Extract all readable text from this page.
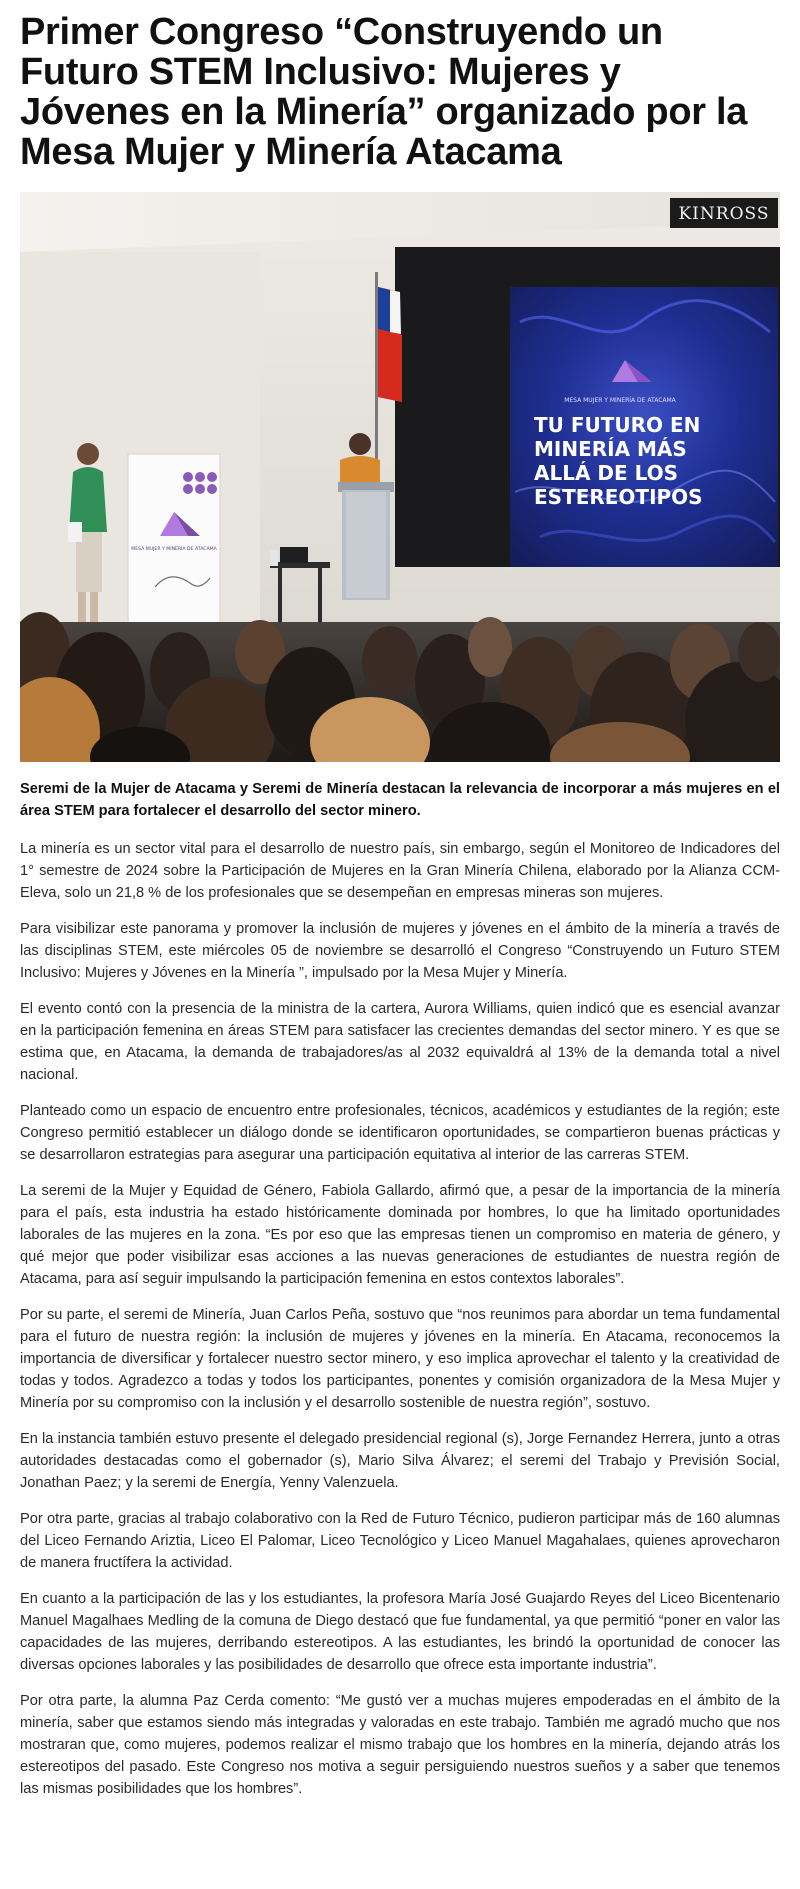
Primer Congreso “Construyendo un Futuro STEM Inclusivo: Mujeres y Jóvenes en la Minería” organizado por la Mesa Mujer y Minería Atacama
KINROSS
MESA MUJER Y MINERÍA DE ATACAMA
TU FUTURO EN
MINERÍA MÁS
ALLÁ DE LOS
ESTEREOTIPOS
MESA MUJER Y MINERÍA DE ATACAMA

Seremi de la Mujer de Atacama y Seremi de Minería destacan la relevancia de incorporar a más mujeres en el área STEM para fortalecer el desarrollo del sector minero.

La minería es un sector vital para el desarrollo de nuestro país, sin embargo, según el Monitoreo de Indicadores del 1° semestre de 2024 sobre la Participación de Mujeres en la Gran Minería Chilena, elaborado por la Alianza CCM-Eleva, solo un 21,8 % de los profesionales que se desempeñan en empresas mineras son mujeres.

Para visibilizar este panorama y promover la inclusión de mujeres y jóvenes en el ámbito de la minería a través de las disciplinas STEM, este miércoles 05 de noviembre se desarrolló el Congreso “Construyendo un Futuro STEM Inclusivo: Mujeres y Jóvenes en la Minería ”, impulsado por la Mesa Mujer y Minería.

El evento contó con la presencia de la ministra de la cartera, Aurora Williams, quien indicó que es esencial avanzar en la participación femenina en áreas STEM para satisfacer las crecientes demandas del sector minero. Y es que se estima que, en Atacama, la demanda de trabajadores/as al 2032 equivaldrá al 13% de la demanda total a nivel nacional.

Planteado como un espacio de encuentro entre profesionales, técnicos, académicos y estudiantes de la región; este Congreso permitió establecer un diálogo donde se identificaron oportunidades, se compartieron buenas prácticas y se desarrollaron estrategias para asegurar una participación equitativa al interior de las carreras STEM.

La seremi de la Mujer y Equidad de Género, Fabiola Gallardo, afirmó que, a pesar de la importancia de la minería para el país, esta industria ha estado históricamente dominada por hombres, lo que ha limitado oportunidades laborales de las mujeres en la zona. “Es por eso que las empresas tienen un compromiso en materia de género, y qué mejor que poder visibilizar esas acciones a las nuevas generaciones de estudiantes de nuestra región de Atacama, para así seguir impulsando la participación femenina en estos contextos laborales”.

Por su parte, el seremi de Minería, Juan Carlos Peña, sostuvo que “nos reunimos para abordar un tema fundamental para el futuro de nuestra región: la inclusión de mujeres y jóvenes en la minería. En Atacama, reconocemos la importancia de diversificar y fortalecer nuestro sector minero, y eso implica aprovechar el talento y la creatividad de todas y todos. Agradezco a todas y todos los participantes, ponentes y comisión organizadora de la Mesa Mujer y Minería por su compromiso con la inclusión y el desarrollo sostenible de nuestra región”, sostuvo.

En la instancia también estuvo presente el delegado presidencial regional (s), Jorge Fernandez Herrera, junto a otras autoridades destacadas como el gobernador (s), Mario Silva Álvarez; el seremi del Trabajo y Previsión Social, Jonathan Paez; y la seremi de Energía, Yenny Valenzuela.

Por otra parte, gracias al trabajo colaborativo con la Red de Futuro Técnico, pudieron participar más de 160 alumnas del Liceo Fernando Ariztia, Liceo El Palomar, Liceo Tecnológico y Liceo Manuel Magahalaes, quienes aprovecharon de manera fructífera la actividad.

En cuanto a la participación de las y los estudiantes, la profesora María José Guajardo Reyes del Liceo Bicentenario Manuel Magalhaes Medling de la comuna de Diego destacó que fue fundamental, ya que permitió “poner en valor las capacidades de las mujeres, derribando estereotipos. A las estudiantes, les brindó la oportunidad de conocer las diversas opciones laborales y las posibilidades de desarrollo que ofrece esta importante industria”.

Por otra parte, la alumna Paz Cerda comento: “Me gustó ver a muchas mujeres empoderadas en el ámbito de la minería, saber que estamos siendo más integradas y valoradas en este trabajo. También me agradó mucho que nos mostraran que, como mujeres, podemos realizar el mismo trabajo que los hombres en la minería, dejando atrás los estereotipos del pasado. Este Congreso nos motiva a seguir persiguiendo nuestros sueños y a saber que tenemos las mismas posibilidades que los hombres”.
